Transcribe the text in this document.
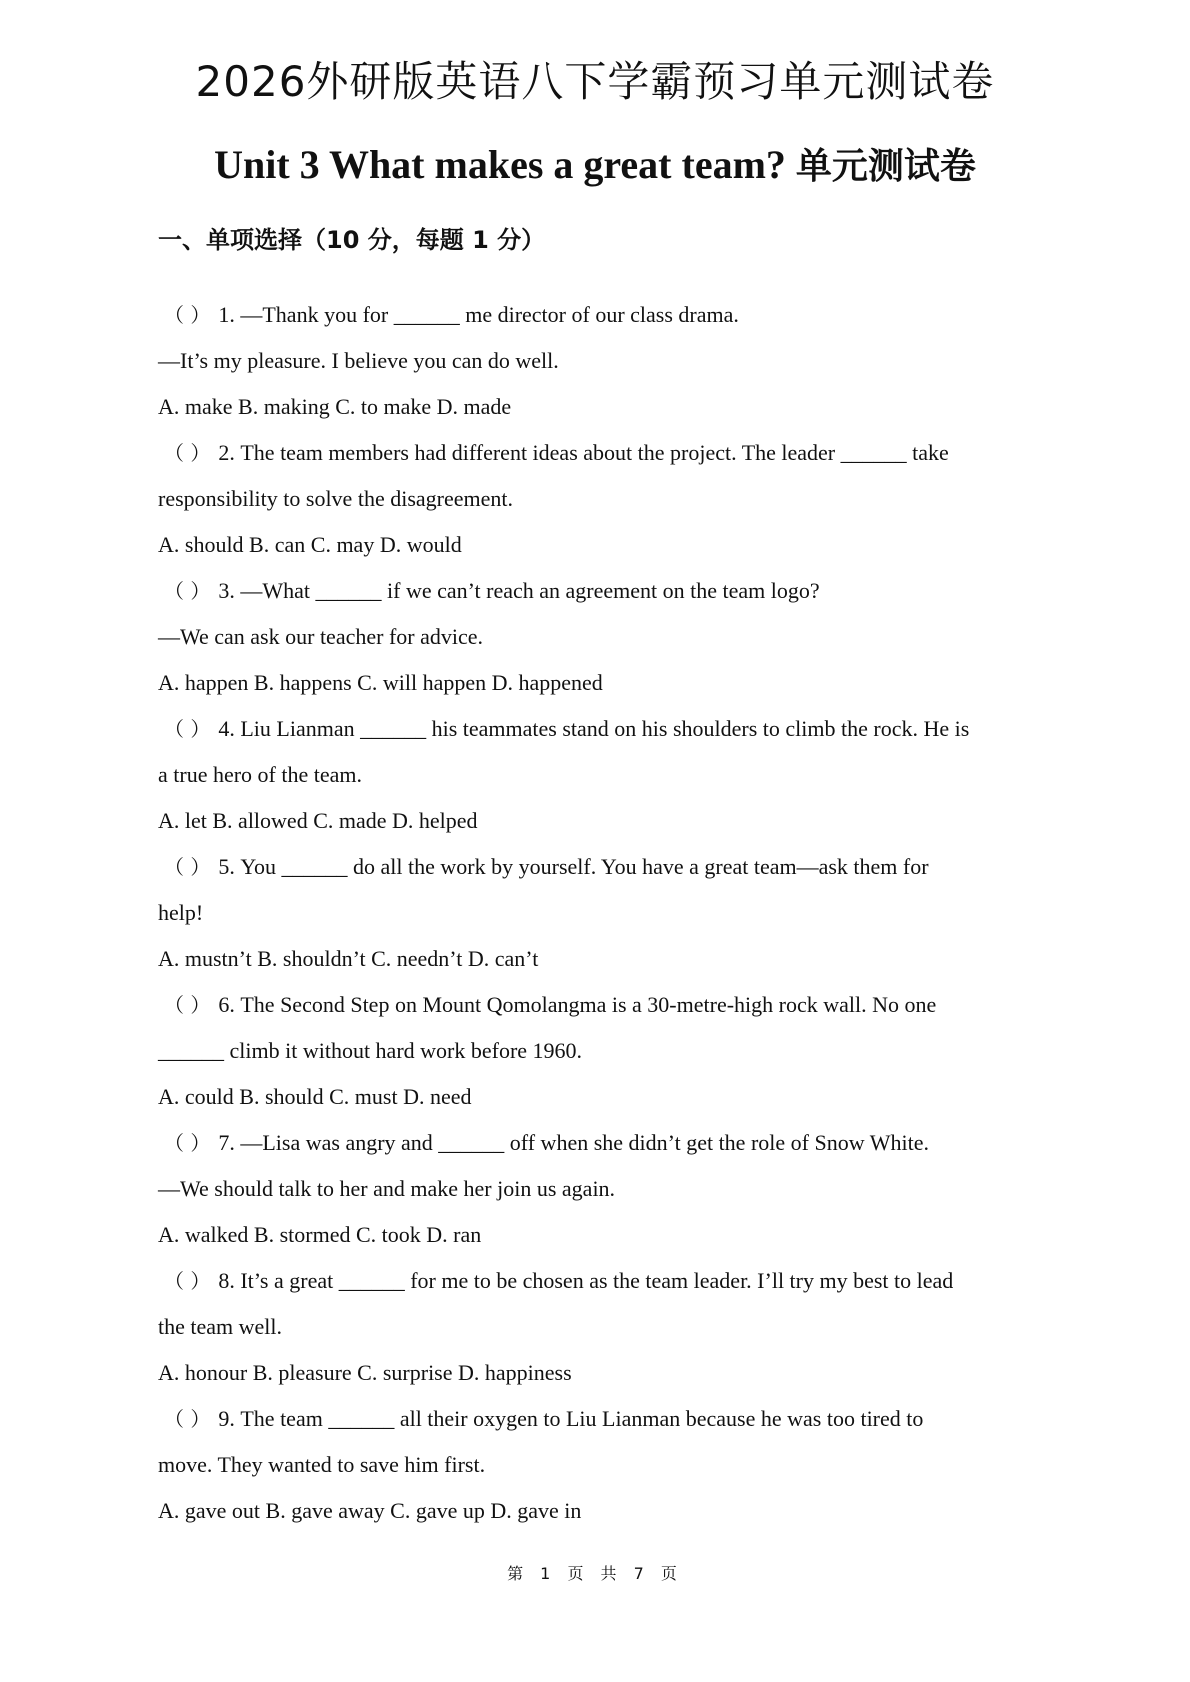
2026外研版英语八下学霸预习单元测试卷
Unit 3 What makes a great team? 单元测试卷
一、单项选择（10 分，每题 1 分）
（ ） 1. —Thank you for ______ me director of our class drama.
—It’s my pleasure. I believe you can do well.
A. make B. making C. to make D. made
（ ） 2. The team members had different ideas about the project. The leader ______ take
responsibility to solve the disagreement.
A. should B. can C. may D. would
（ ） 3. —What ______ if we can’t reach an agreement on the team logo?
—We can ask our teacher for advice.
A. happen B. happens C. will happen D. happened
（ ） 4. Liu Lianman ______ his teammates stand on his shoulders to climb the rock. He is
a true hero of the team.
A. let B. allowed C. made D. helped
（ ） 5. You ______ do all the work by yourself. You have a great team—ask them for
help!
A. mustn’t B. shouldn’t C. needn’t D. can’t
（ ） 6. The Second Step on Mount Qomolangma is a 30-metre-high rock wall. No one
______ climb it without hard work before 1960.
A. could B. should C. must D. need
（ ） 7. —Lisa was angry and ______ off when she didn’t get the role of Snow White.
—We should talk to her and make her join us again.
A. walked B. stormed C. took D. ran
（ ） 8. It’s a great ______ for me to be chosen as the team leader. I’ll try my best to lead
the team well.
A. honour B. pleasure C. surprise D. happiness
（ ） 9. The team ______ all their oxygen to Liu Lianman because he was too tired to
move. They wanted to save him first.
A. gave out B. gave away C. gave up D. gave in
第 1 页 共 7 页
